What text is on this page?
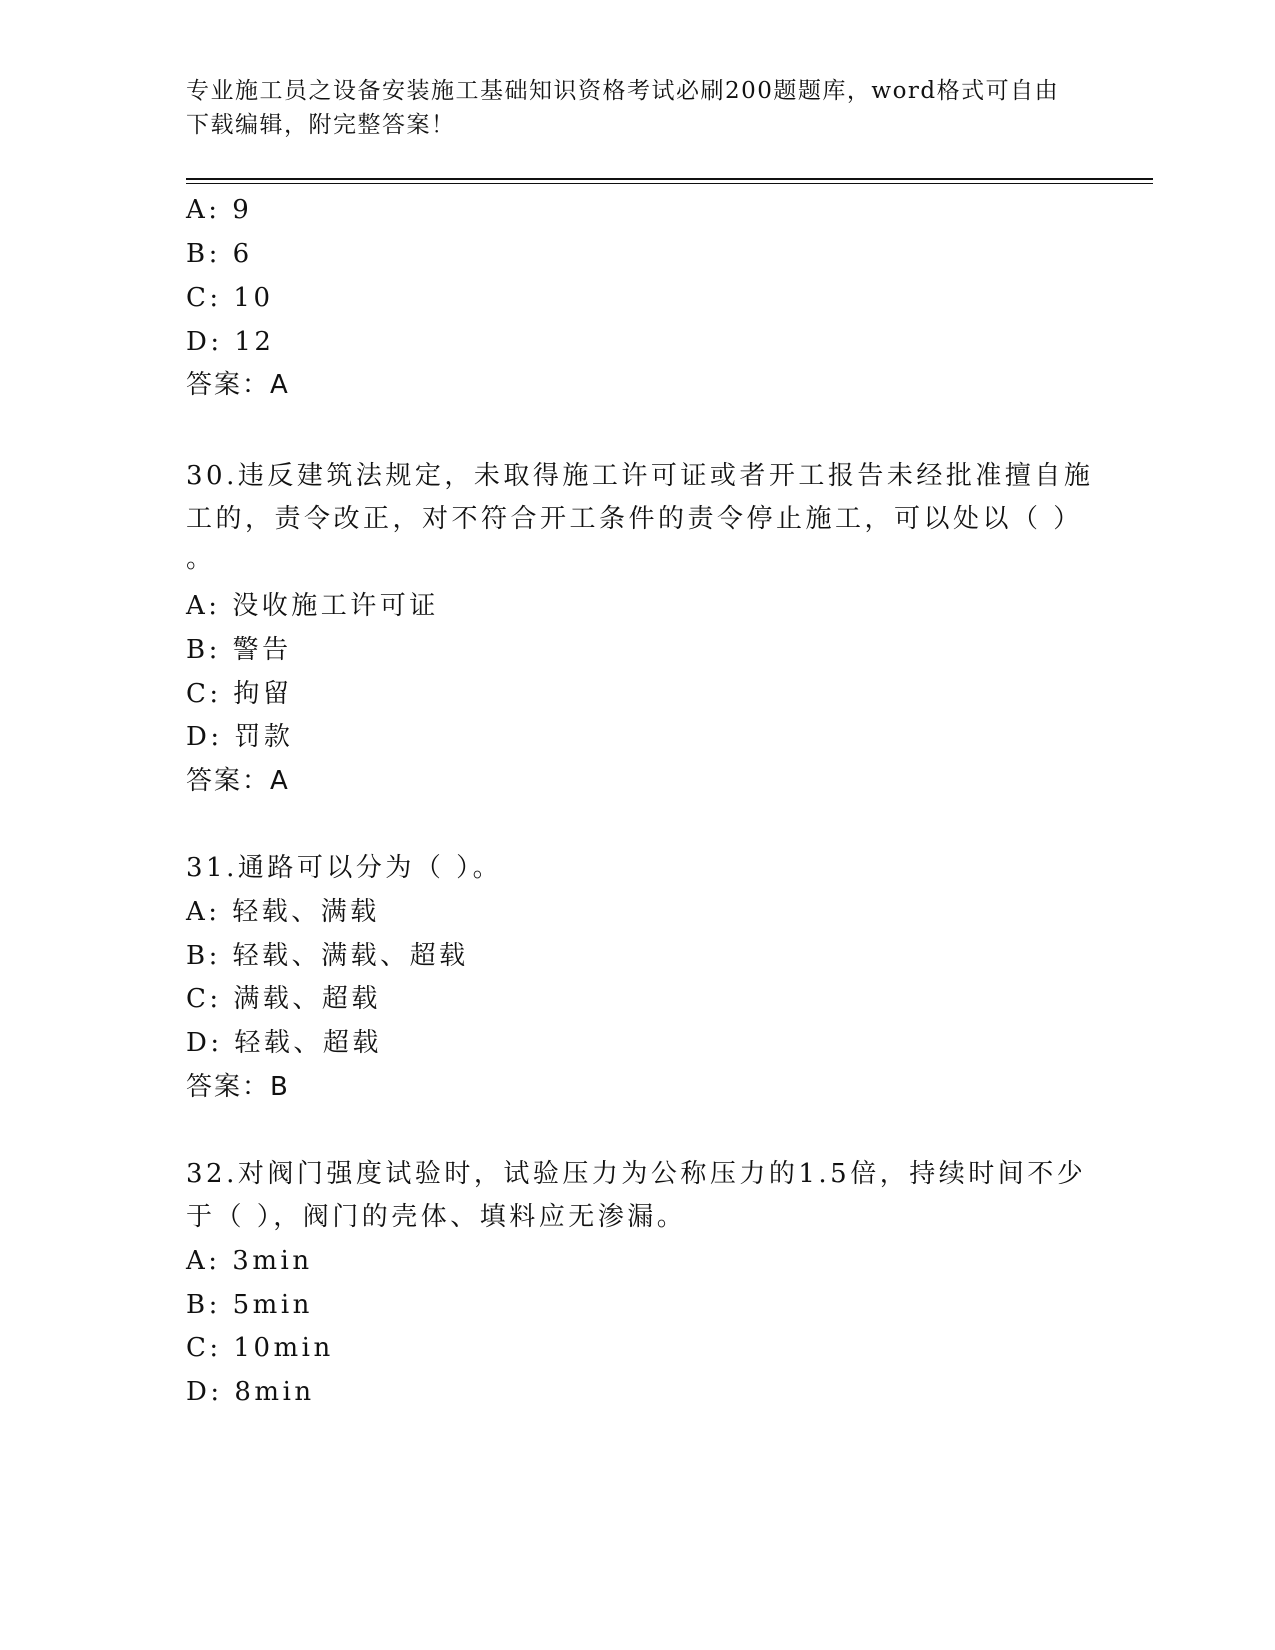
专业施工员之设备安装施工基础知识资格考试必刷200题题库，word格式可自由
下载编辑，附完整答案！
A: 9
B: 6
C: 10
D: 12
答案：A
30.违反建筑法规定，未取得施工许可证或者开工报告未经批准擅自施
工的，责令改正，对不符合开工条件的责令停止施工，可以处以（ ）
。
A: 没收施工许可证
B: 警告
C: 拘留
D: 罚款
答案：A
31.通路可以分为（ ）。
A: 轻载、满载
B: 轻载、满载、超载
C: 满载、超载
D: 轻载、超载
答案：B
32.对阀门强度试验时，试验压力为公称压力的1.5倍，持续时间不少
于（ ），阀门的壳体、填料应无渗漏。
A: 3min
B: 5min
C: 10min
D: 8min
